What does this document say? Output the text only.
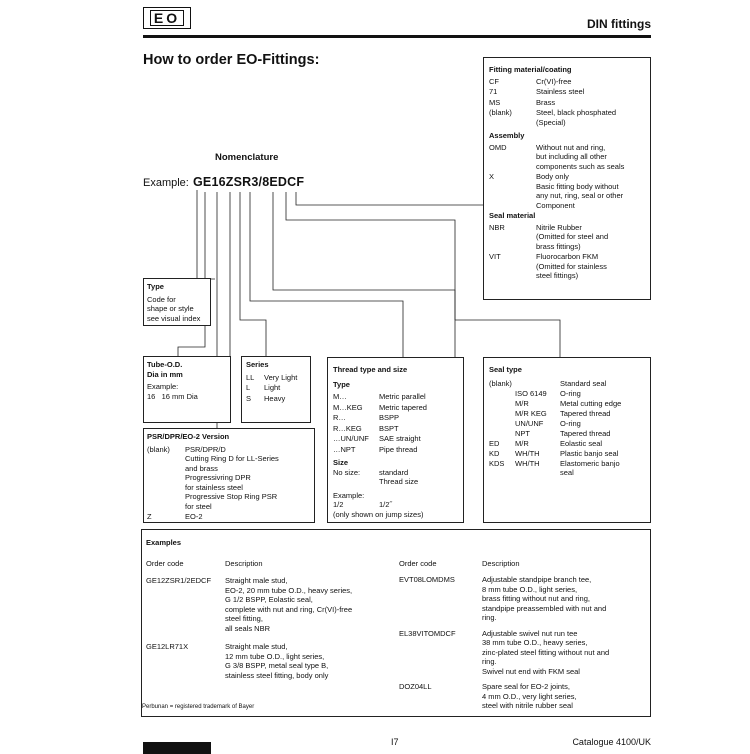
EO	DIN fittings
How to order EO-Fittings:
Nomenclature
Example: GE16ZSR3/8EDCF
Fitting material/coating
CF	Cr(VI)-free
71	Stainless steel
MS	Brass
(blank)	Steel, black phosphated
(Special)
Assembly
OMD	Without nut and ring,
but including all other
components such as seals
X	Body only
Basic fitting body without
any nut, ring, seal or other
Component
Seal material
NBR	Nitrile Rubber
(Omitted for steel and
brass fittings)
VIT	Fluorocarbon FKM
(Omitted for stainless
steel fittings)
Type
Code for
shape or style
see visual index
Tube-O.D.
Dia in mm
Example:
16   16 mm Dia
Series
LL	Very Light
L	Light
S	Heavy
PSR/DPR/EO-2 Version
(blank)	PSR/DPR/D
Cutting Ring D for LL-Series
and brass
Progressivring DPR
for stainless steel
Progressive Stop Ring PSR
for steel
Z	EO-2
Thread type and size
Type
M…	Metric parallel
M…KEG	Metric tapered
R…	BSPP
R…KEG	BSPT
…UN/UNF	SAE straight
…NPT	Pipe thread
Size
No size:	standard
Thread size
Example:
1/2	1/2˝
(only shown on jump sizes)
Seal type
(blank)	Standard seal
ISO 6149	O-ring
M/R	Metal cutting edge
M/R KEG	Tapered thread
UN/UNF	O-ring
NPT	Tapered thread
ED	M/R	Eolastic seal
KD	WH/TH	Plastic banjo seal
KDS	WH/TH	Elastomeric banjo
seal
Examples
Order code	Description	Order code	Description
GE12ZSR1/2EDCF	Straight male stud,
EO-2, 20 mm tube O.D., heavy series,
G 1/2 BSPP, Eolastic seal,
complete with nut and ring, Cr(VI)-free
steel fitting,
all seals NBR
GE12LR71X	Straight male stud,
12 mm tube O.D., light series,
G 3/8 BSPP, metal seal type B,
stainless steel fitting, body only
EVT08LOMDMS	Adjustable standpipe branch tee,
8 mm tube O.D., light series,
brass fitting without nut and ring,
standpipe preassembled with nut and
ring.
EL38VITOMDCF	Adjustable swivel nut run tee
38 mm tube O.D., heavy series,
zinc-plated steel fitting without nut and
ring.
Swivel nut end with FKM seal
DOZ04LL	Spare seal for EO-2 joints,
4 mm O.D., very light series,
steel with nitrile rubber seal
Perbunan = registered trademark of Bayer
I7	Catalogue 4100/UK
